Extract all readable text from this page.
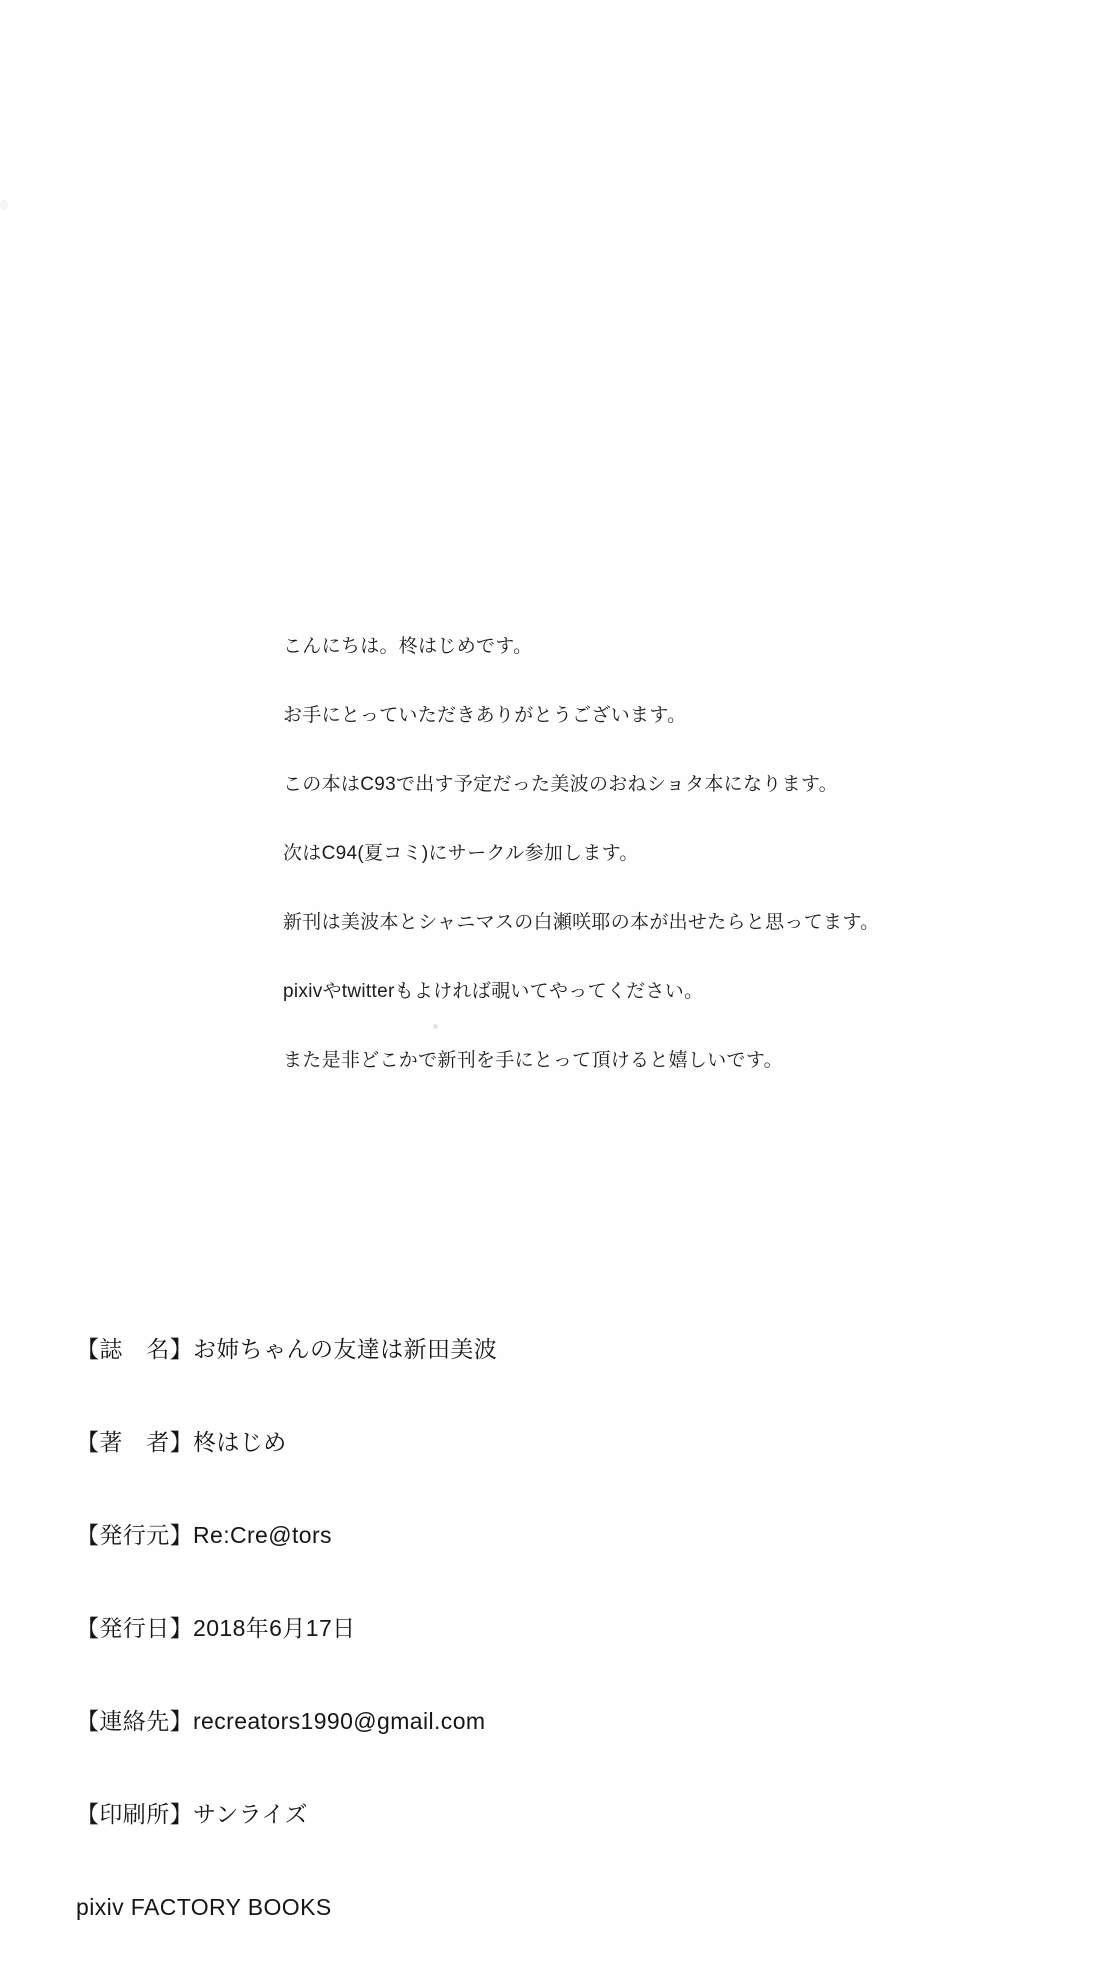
こんにちは。柊はじめです。

お手にとっていただきありがとうございます。

この本はC93で出す予定だった美波のおねショタ本になります。

次はC94(夏コミ)にサークル参加します。

新刊は美波本とシャニマスの白瀬咲耶の本が出せたらと思ってます。

pixivやtwitterもよければ覗いてやってください。

また是非どこかで新刊を手にとって頂けると嬉しいです。

【誌　名】お姉ちゃんの友達は新田美波

【著　者】柊はじめ

【発行元】Re:Cre@tors

【発行日】2018年6月17日

【連絡先】recreators1990@gmail.com

【印刷所】サンライズ

pixiv FACTORY BOOKS
